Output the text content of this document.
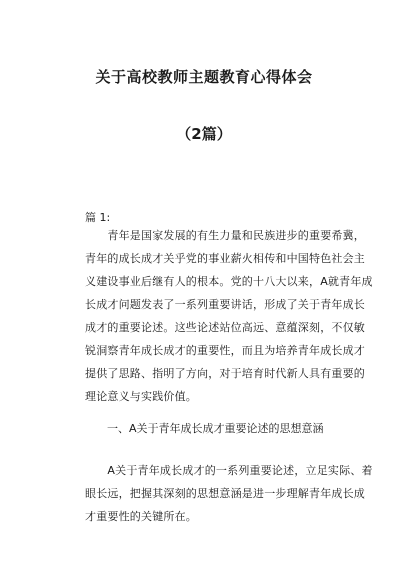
关于高校教师主题教育心得体会
（2篇）
篇 1:
　　青年是国家发展的有生力量和民族进步的重要希冀，
青年的成长成才关乎党的事业薪火相传和中国特色社会主
义建设事业后继有人的根本。党的十八大以来，A就青年成
长成才问题发表了一系列重要讲话，形成了关于青年成长
成才的重要论述。这些论述站位高远、意蕴深刻，不仅敏
锐洞察青年成长成才的重要性，而且为培养青年成长成才
提供了思路、指明了方向，对于培育时代新人具有重要的
理论意义与实践价值。
　　一、A关于青年成长成才重要论述的思想意涵
　　A关于青年成长成才的一系列重要论述，立足实际、着
眼长远，把握其深刻的思想意涵是进一步理解青年成长成
才重要性的关键所在。
